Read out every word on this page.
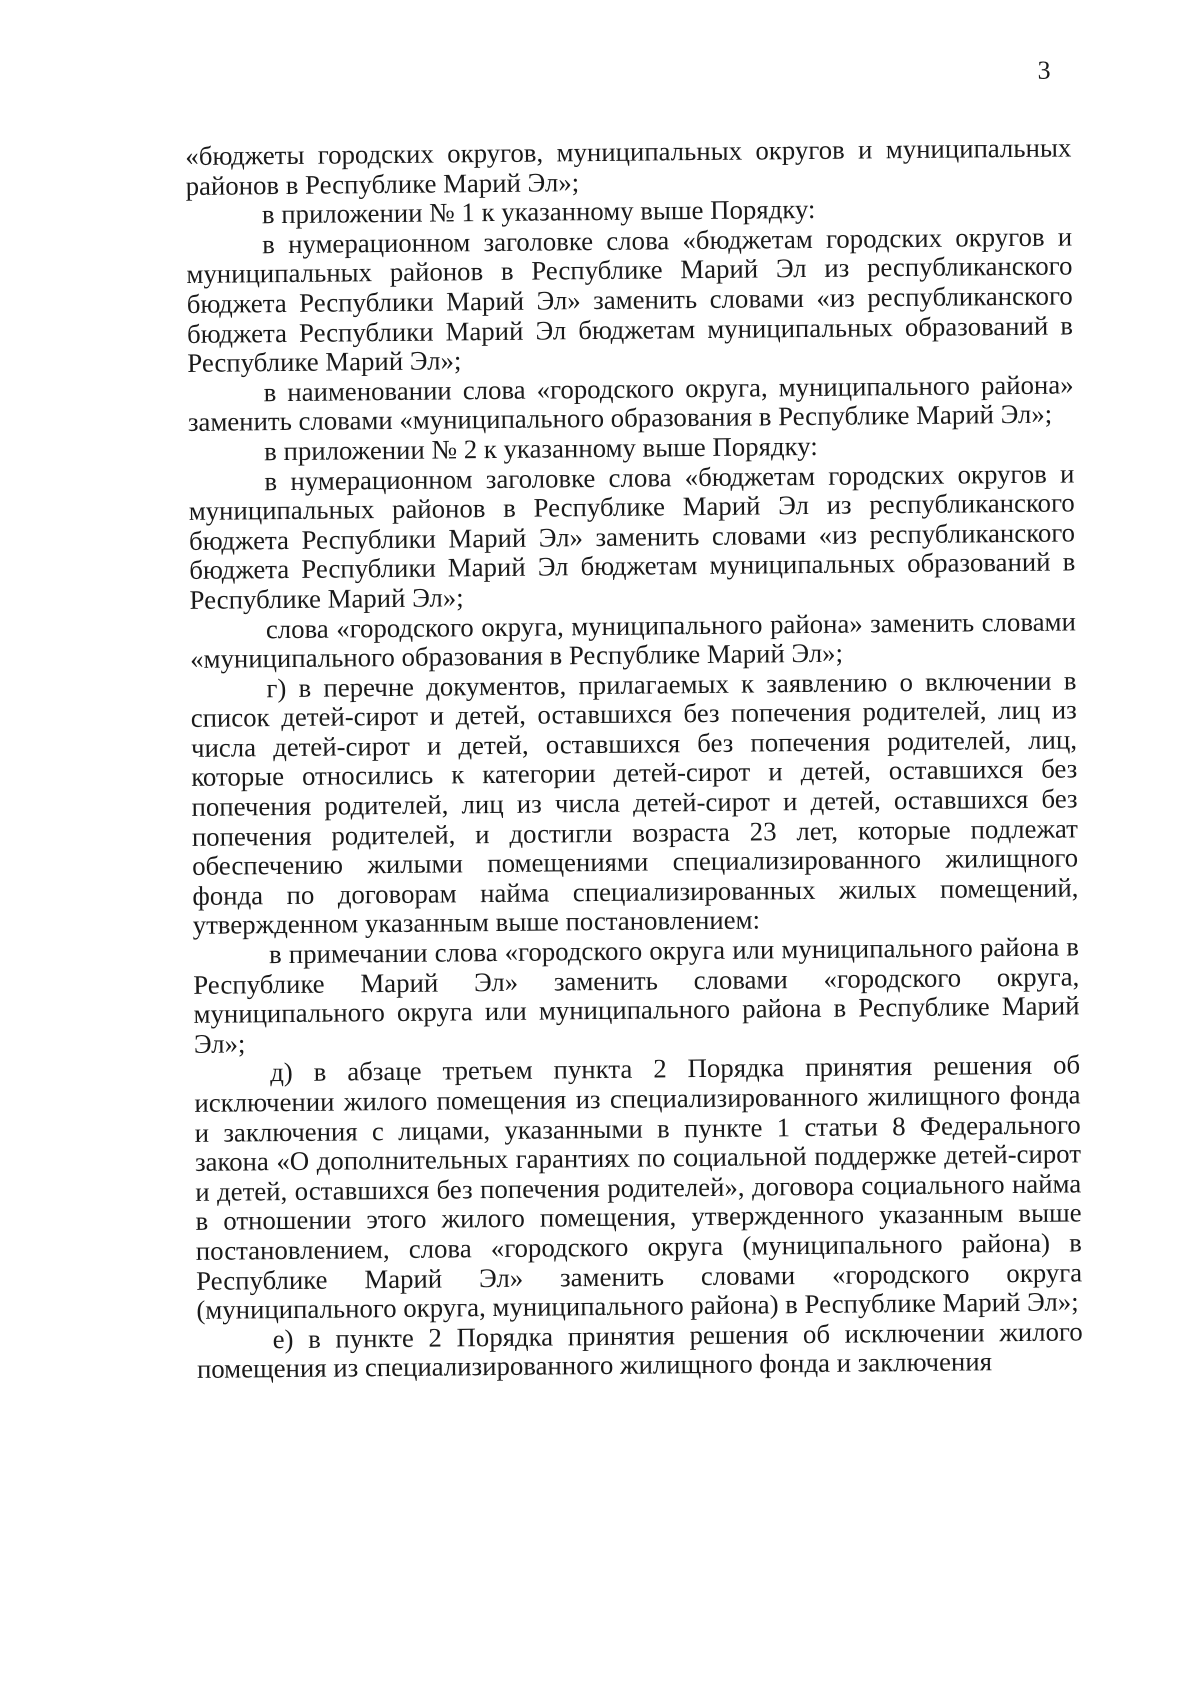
3

«бюджеты городских округов, муниципальных округов и муниципальных районов в Республике Марий Эл»;

в приложении № 1 к указанному выше Порядку:

в нумерационном заголовке слова «бюджетам городских округов и муниципальных районов в Республике Марий Эл из республиканского бюджета Республики Марий Эл» заменить словами «из республиканского бюджета Республики Марий Эл бюджетам муниципальных образований в Республике Марий Эл»;

в наименовании слова «городского округа, муниципального района» заменить словами «муниципального образования в Республике Марий Эл»;

в приложении № 2 к указанному выше Порядку:

в нумерационном заголовке слова «бюджетам городских округов и муниципальных районов в Республике Марий Эл из республиканского бюджета Республики Марий Эл» заменить словами «из республиканского бюджета Республики Марий Эл бюджетам муниципальных образований в Республике Марий Эл»;

слова «городского округа, муниципального района» заменить словами «муниципального образования в Республике Марий Эл»;

г) в перечне документов, прилагаемых к заявлению о включении в список детей-сирот и детей, оставшихся без попечения родителей, лиц из числа детей-сирот и детей, оставшихся без попечения родителей, лиц, которые относились к категории детей-сирот и детей, оставшихся без попечения родителей, лиц из числа детей-сирот и детей, оставшихся без попечения родителей, и достигли возраста 23 лет, которые подлежат обеспечению жилыми помещениями специализированного жилищного фонда по договорам найма специализированных жилых помещений, утвержденном указанным выше постановлением:

в примечании слова «городского округа или муниципального района в Республике Марий Эл» заменить словами «городского округа, муниципального округа или муниципального района в Республике Марий Эл»;

д) в абзаце третьем пункта 2 Порядка принятия решения об исключении жилого помещения из специализированного жилищного фонда и заключения с лицами, указанными в пункте 1 статьи 8 Федерального закона «О дополнительных гарантиях по социальной поддержке детей-сирот и детей, оставшихся без попечения родителей», договора социального найма в отношении этого жилого помещения, утвержденного указанным выше постановлением, слова «городского округа (муниципального района) в Республике Марий Эл» заменить словами «городского округа (муниципального округа, муниципального района) в Республике Марий Эл»;

е) в пункте 2 Порядка принятия решения об исключении жилого помещения из специализированного жилищного фонда и заключения
